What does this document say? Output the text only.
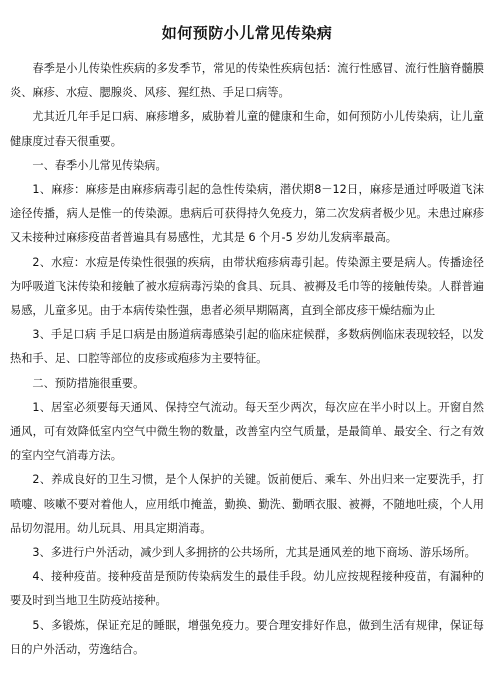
如何预防小儿常见传染病

春季是小儿传染性疾病的多发季节，常见的传染性疾病包括：流行性感冒、流行性脑脊髓膜炎、麻疹、水痘、腮腺炎、风疹、猩红热、手足口病等。

尤其近几年手足口病、麻疹增多，威胁着儿童的健康和生命，如何预防小儿传染病，让儿童健康度过春天很重要。

一、春季小儿常见传染病。

1、麻疹：麻疹是由麻疹病毒引起的急性传染病，潜伏期8－12日，麻疹是通过呼吸道飞沫途径传播，病人是惟一的传染源。患病后可获得持久免疫力，第二次发病者极少见。未患过麻疹又未接种过麻疹疫苗者普遍具有易感性，尤其是 6 个月-5 岁幼儿发病率最高。

2、水痘：水痘是传染性很强的疾病，由带状疱疹病毒引起。传染源主要是病人。传播途径为呼吸道飞沫传染和接触了被水痘病毒污染的食具、玩具、被褥及毛巾等的接触传染。人群普遍易感，儿童多见。由于本病传染性强，患者必须早期隔离，直到全部皮疹干燥结痂为止

3、手足口病 手足口病是由肠道病毒感染引起的临床症候群，多数病例临床表现较轻，以发热和手、足、口腔等部位的皮疹或疱疹为主要特征。

二、预防措施很重要。

1、居室必须要每天通风、保持空气流动。每天至少两次，每次应在半小时以上。开窗自然通风，可有效降低室内空气中微生物的数量，改善室内空气质量，是最简单、最安全、行之有效的室内空气消毒方法。

2、养成良好的卫生习惯，是个人保护的关键。饭前便后、乘车、外出归来一定要洗手，打喷嚏、咳嗽不要对着他人，应用纸巾掩盖，勤换、勤洗、勤晒衣服、被褥，不随地吐痰，个人用品切勿混用。幼儿玩具、用具定期消毒。

3、多进行户外活动，减少到人多拥挤的公共场所，尤其是通风差的地下商场、游乐场所。

4、接种疫苗。接种疫苗是预防传染病发生的最佳手段。幼儿应按规程接种疫苗，有漏种的要及时到当地卫生防疫站接种。

5、多锻炼，保证充足的睡眠，增强免疫力。要合理安排好作息，做到生活有规律，保证每日的户外活动，劳逸结合。
